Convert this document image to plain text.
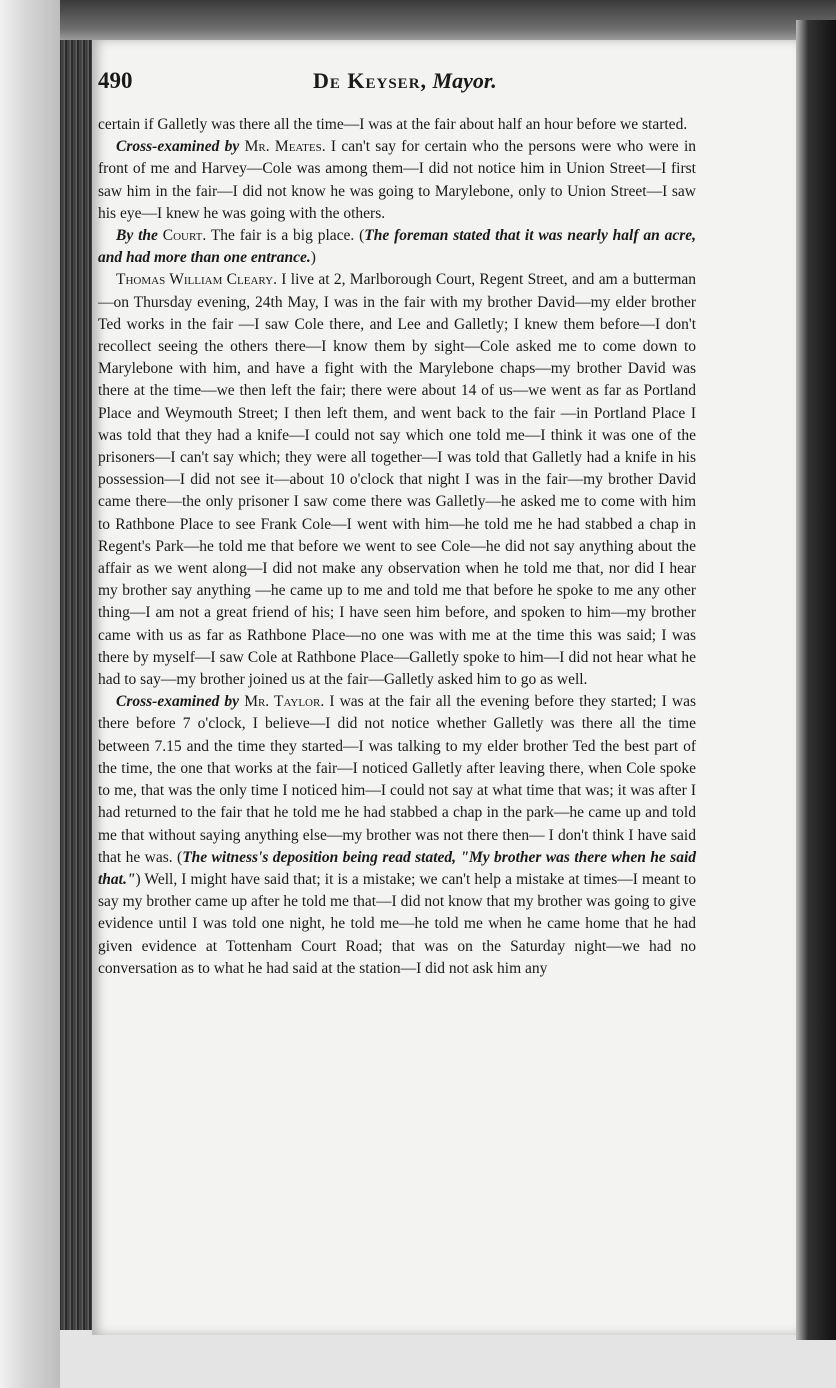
490	De Keyser, Mayor.

certain if Galletly was there all the time—I was at the fair about half an hour before we started.

Cross-examined by Mr. Meates. I can't say for certain who the persons were who were in front of me and Harvey—Cole was among them—I did not notice him in Union Street—I first saw him in the fair—I did not know he was going to Marylebone, only to Union Street—I saw his eye—I knew he was going with the others.

By the Court. The fair is a big place. (The foreman stated that it was nearly half an acre, and had more than one entrance.)

Thomas William Cleary. I live at 2, Marlborough Court, Regent Street, and am a butterman—on Thursday evening, 24th May, I was in the fair with my brother David—my elder brother Ted works in the fair —I saw Cole there, and Lee and Galletly; I knew them before—I don't recollect seeing the others there—I know them by sight—Cole asked me to come down to Marylebone with him, and have a fight with the Marylebone chaps—my brother David was there at the time—we then left the fair; there were about 14 of us—we went as far as Portland Place and Weymouth Street; I then left them, and went back to the fair —in Portland Place I was told that they had a knife—I could not say which one told me—I think it was one of the prisoners—I can't say which; they were all together—I was told that Galletly had a knife in his possession—I did not see it—about 10 o'clock that night I was in the fair—my brother David came there—the only prisoner I saw come there was Galletly—he asked me to come with him to Rathbone Place to see Frank Cole—I went with him—he told me he had stabbed a chap in Regent's Park—he told me that before we went to see Cole—he did not say anything about the affair as we went along—I did not make any observation when he told me that, nor did I hear my brother say anything —he came up to me and told me that before he spoke to me any other thing—I am not a great friend of his; I have seen him before, and spoken to him—my brother came with us as far as Rathbone Place—no one was with me at the time this was said; I was there by myself—I saw Cole at Rathbone Place—Galletly spoke to him—I did not hear what he had to say—my brother joined us at the fair—Galletly asked him to go as well.

Cross-examined by Mr. Taylor. I was at the fair all the evening before they started; I was there before 7 o'clock, I believe—I did not notice whether Galletly was there all the time between 7.15 and the time they started—I was talking to my elder brother Ted the best part of the time, the one that works at the fair—I noticed Galletly after leaving there, when Cole spoke to me, that was the only time I noticed him—I could not say at what time that was; it was after I had returned to the fair that he told me he had stabbed a chap in the park—he came up and told me that without saying anything else—my brother was not there then— I don't think I have said that he was. (The witness's deposition being read stated, "My brother was there when he said that.") Well, I might have said that; it is a mistake; we can't help a mistake at times—I meant to say my brother came up after he told me that—I did not know that my brother was going to give evidence until I was told one night, he told me—he told me when he came home that he had given evidence at Tottenham Court Road; that was on the Saturday night—we had no conversation as to what he had said at the station—I did not ask him any
